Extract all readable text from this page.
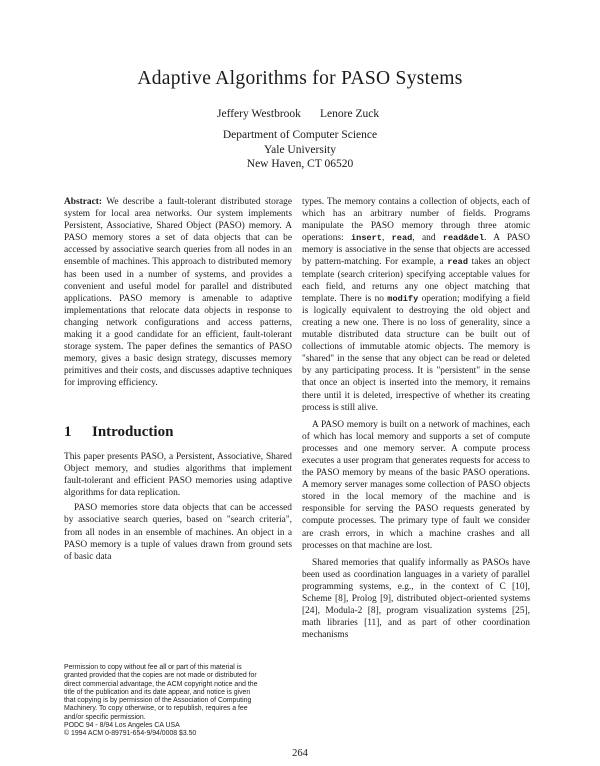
Adaptive Algorithms for PASO Systems
Jeffery Westbrook Lenore Zuck
Department of Computer Science
Yale University
New Haven, CT 06520

Abstract: We describe a fault-tolerant distributed storage system for local area networks. Our system implements Persistent, Associative, Shared Object (PASO) memory. A PASO memory stores a set of data objects that can be accessed by associative search queries from all nodes in an ensemble of machines. This approach to distributed memory has been used in a number of systems, and provides a convenient and useful model for parallel and distributed applications. PASO memory is amenable to adaptive implementations that relocate data objects in response to changing network configurations and access patterns, making it a good candidate for an efficient, fault-tolerant storage system. The paper defines the semantics of PASO memory, gives a basic design strategy, discusses memory primitives and their costs, and discusses adaptive techniques for improving efficiency.

1 Introduction

This paper presents PASO, a Persistent, Associative, Shared Object memory, and studies algorithms that implement fault-tolerant and efficient PASO memories using adaptive algorithms for data replication.

PASO memories store data objects that can be accessed by associative search queries, based on "search criteria", from all nodes in an ensemble of machines. An object in a PASO memory is a tuple of values drawn from ground sets of basic data

types. The memory contains a collection of objects, each of which has an arbitrary number of fields. Programs manipulate the PASO memory through three atomic operations: insert, read, and read&del. A PASO memory is associative in the sense that objects are accessed by pattern-matching. For example, a read takes an object template (search criterion) specifying acceptable values for each field, and returns any one object matching that template. There is no modify operation; modifying a field is logically equivalent to destroying the old object and creating a new one. There is no loss of generality, since a mutable distributed data structure can be built out of collections of immutable atomic objects. The memory is "shared" in the sense that any object can be read or deleted by any participating process. It is "persistent" in the sense that once an object is inserted into the memory, it remains there until it is deleted, irrespective of whether its creating process is still alive.

A PASO memory is built on a network of machines, each of which has local memory and supports a set of compute processes and one memory server. A compute process executes a user program that generates requests for access to the PASO memory by means of the basic PASO operations. A memory server manages some collection of PASO objects stored in the local memory of the machine and is responsible for serving the PASO requests generated by compute processes. The primary type of fault we consider are crash errors, in which a machine crashes and all processes on that machine are lost.

Shared memories that qualify informally as PASOs have been used as coordination languages in a variety of parallel programming systems, e.g., in the context of C [10], Scheme [8], Prolog [9], distributed object-oriented systems [24], Modula-2 [8], program visualization systems [25], math libraries [11], and as part of other coordination mechanisms

Permission to copy without fee all or part of this material is
granted provided that the copies are not made or distributed for
direct commercial advantage, the ACM copyright notice and the
title of the publication and its date appear, and notice is given
that copying is by permission of the Association of Computing
Machinery. To copy otherwise, or to republish, requires a fee
and/or specific permission.
PODC 94 - 8/94 Los Angeles CA USA
© 1994 ACM 0-89791-654-9/94/0008 $3.50
264
